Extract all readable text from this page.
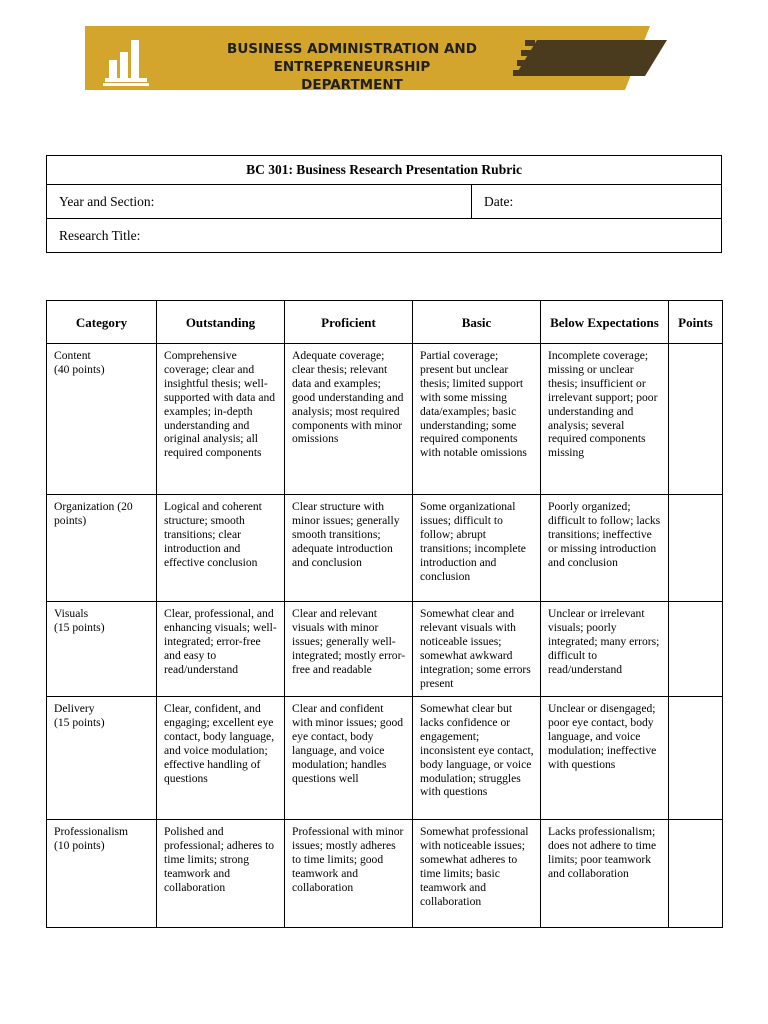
BUSINESS ADMINISTRATION AND ENTREPRENEURSHIP
DEPARTMENT
BC 301: Business Research Presentation Rubric
Year and Section:	Date:
Research Title:
Category	Outstanding	Proficient	Basic	Below Expectations	Points
Content
(40 points)	Comprehensive coverage; clear and insightful thesis; well-supported with data and examples; in-depth understanding and original analysis; all required components	Adequate coverage; clear thesis; relevant data and examples; good understanding and analysis; most required components with minor omissions	Partial coverage; present but unclear thesis; limited support with some missing data/examples; basic understanding; some required components with notable omissions	Incomplete coverage; missing or unclear thesis; insufficient or irrelevant support; poor understanding and analysis; several required components missing	
Organization (20 points)	Logical and coherent structure; smooth transitions; clear introduction and effective conclusion	Clear structure with minor issues; generally smooth transitions; adequate introduction and conclusion	Some organizational issues; difficult to follow; abrupt transitions; incomplete introduction and conclusion	Poorly organized; difficult to follow; lacks transitions; ineffective or missing introduction and conclusion	
Visuals
(15 points)	Clear, professional, and enhancing visuals; well-integrated; error-free and easy to read/understand	Clear and relevant visuals with minor issues; generally well-integrated; mostly error-free and readable	Somewhat clear and relevant visuals with noticeable issues; somewhat awkward integration; some errors present	Unclear or irrelevant visuals; poorly integrated; many errors; difficult to read/understand	
Delivery
(15 points)	Clear, confident, and engaging; excellent eye contact, body language, and voice modulation; effective handling of questions	Clear and confident with minor issues; good eye contact, body language, and voice modulation; handles questions well	Somewhat clear but lacks confidence or engagement; inconsistent eye contact, body language, or voice modulation; struggles with questions	Unclear or disengaged; poor eye contact, body language, and voice modulation; ineffective with questions	
Professionalism
(10 points)	Polished and professional; adheres to time limits; strong teamwork and collaboration	Professional with minor issues; mostly adheres to time limits; good teamwork and collaboration	Somewhat professional with noticeable issues; somewhat adheres to time limits; basic teamwork and collaboration	Lacks professionalism; does not adhere to time limits; poor teamwork and collaboration	
